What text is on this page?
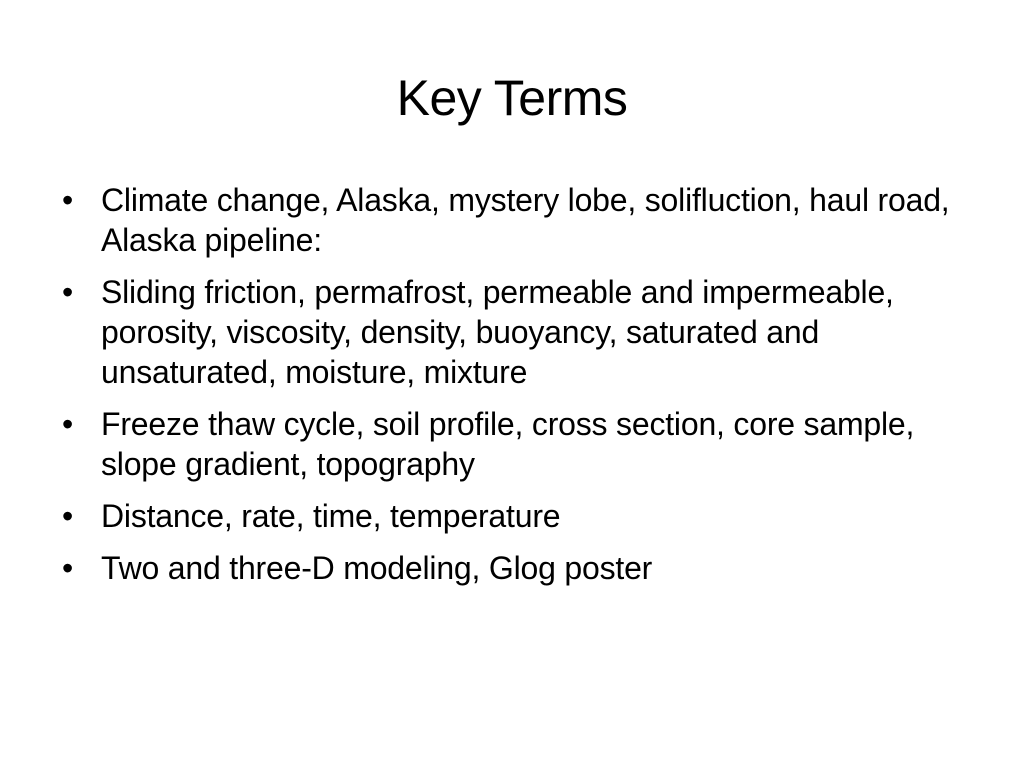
Key Terms
• Climate change, Alaska, mystery lobe, solifluction, haul road, Alaska pipeline:
• Sliding friction, permafrost, permeable and impermeable, porosity, viscosity, density, buoyancy, saturated and unsaturated, moisture, mixture
• Freeze thaw cycle, soil profile, cross section, core sample, slope gradient, topography
• Distance, rate, time, temperature
• Two and three-D modeling, Glog poster
